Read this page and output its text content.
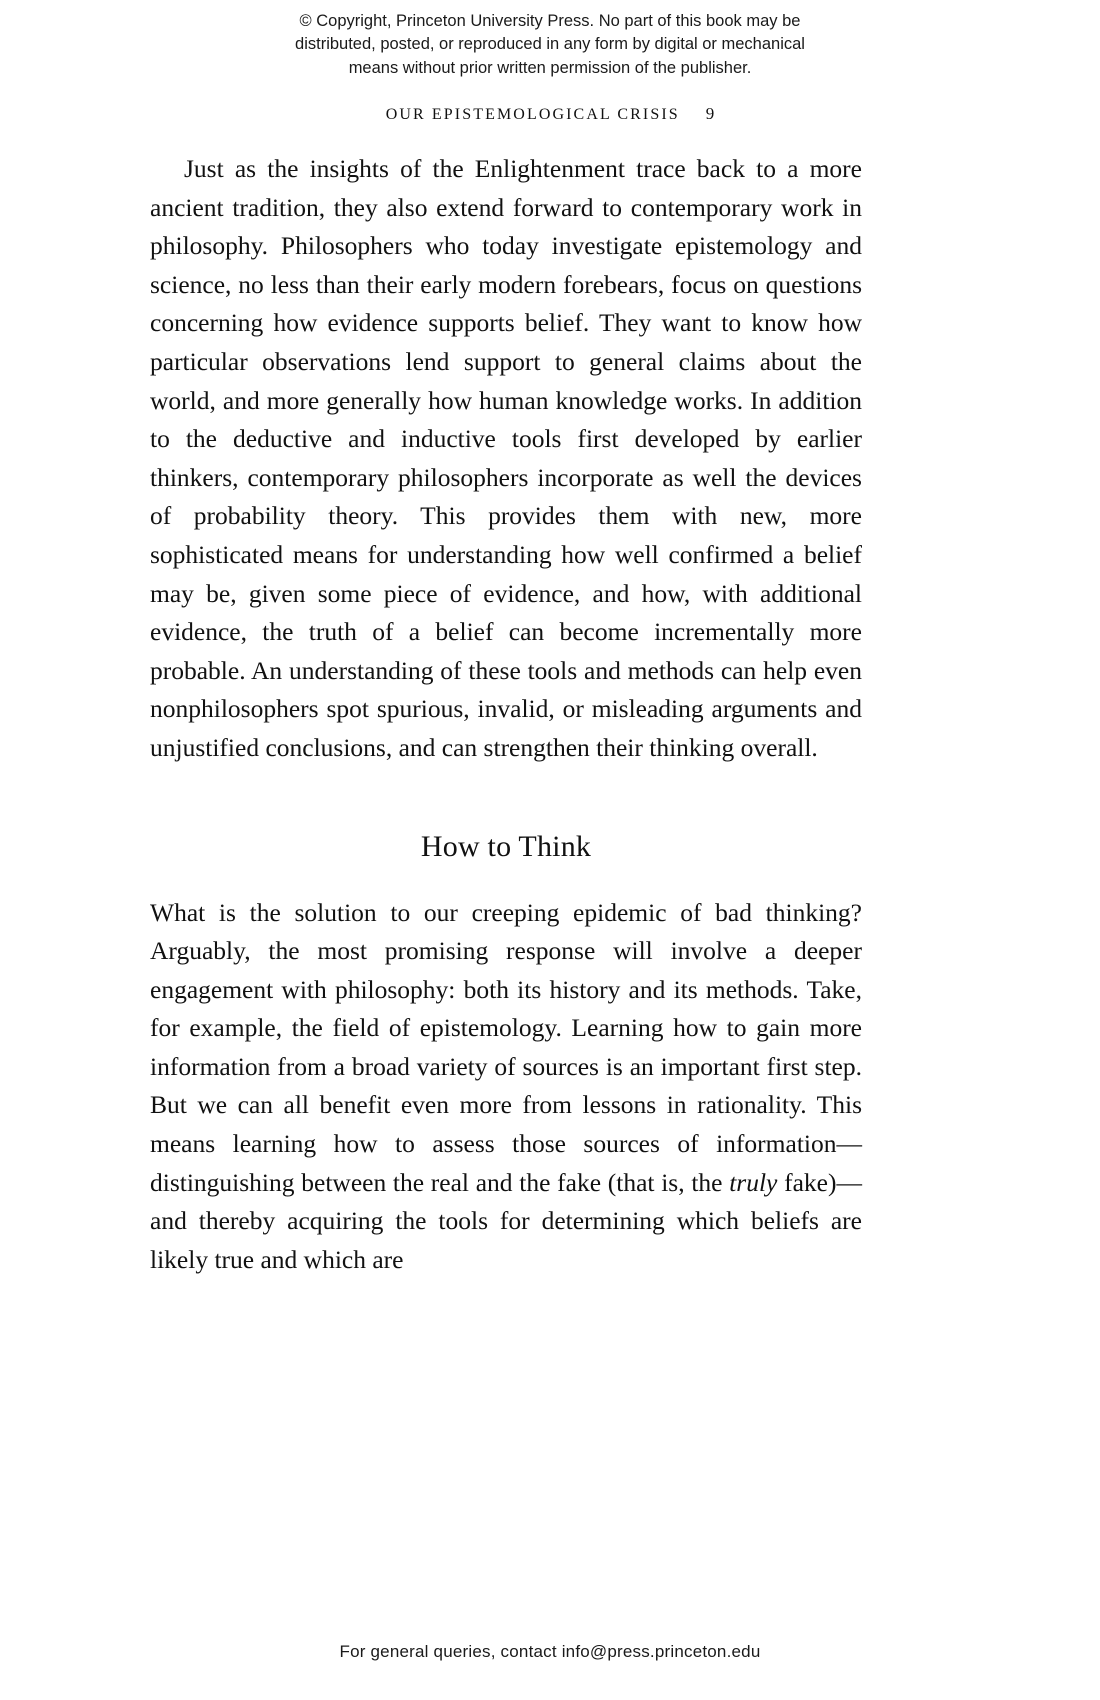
© Copyright, Princeton University Press. No part of this book may be
distributed, posted, or reproduced in any form by digital or mechanical
means without prior written permission of the publisher.
OUR EPISTEMOLOGICAL CRISIS 9

Just as the insights of the Enlightenment trace back to a more ancient tradition, they also extend forward to contemporary work in philosophy. Philosophers who today investigate epistemology and science, no less than their early modern forebears, focus on questions concerning how evidence supports belief. They want to know how particular observations lend support to general claims about the world, and more generally how human knowledge works. In addition to the deductive and inductive tools first developed by earlier thinkers, contemporary philosophers incorporate as well the devices of probability theory. This provides them with new, more sophisticated means for understanding how well confirmed a belief may be, given some piece of evidence, and how, with additional evidence, the truth of a belief can become incrementally more probable. An understanding of these tools and methods can help even nonphilosophers spot spurious, invalid, or misleading arguments and unjustified conclusions, and can strengthen their thinking overall.

How to Think

What is the solution to our creeping epidemic of bad thinking? Arguably, the most promising response will involve a deeper engagement with philosophy: both its history and its methods. Take, for example, the field of epistemology. Learning how to gain more information from a broad variety of sources is an important first step. But we can all benefit even more from lessons in rationality. This means learning how to assess those sources of information—distinguishing between the real and the fake (that is, the truly fake)—and thereby acquiring the tools for determining which beliefs are likely true and which are

For general queries, contact info@press.princeton.edu
